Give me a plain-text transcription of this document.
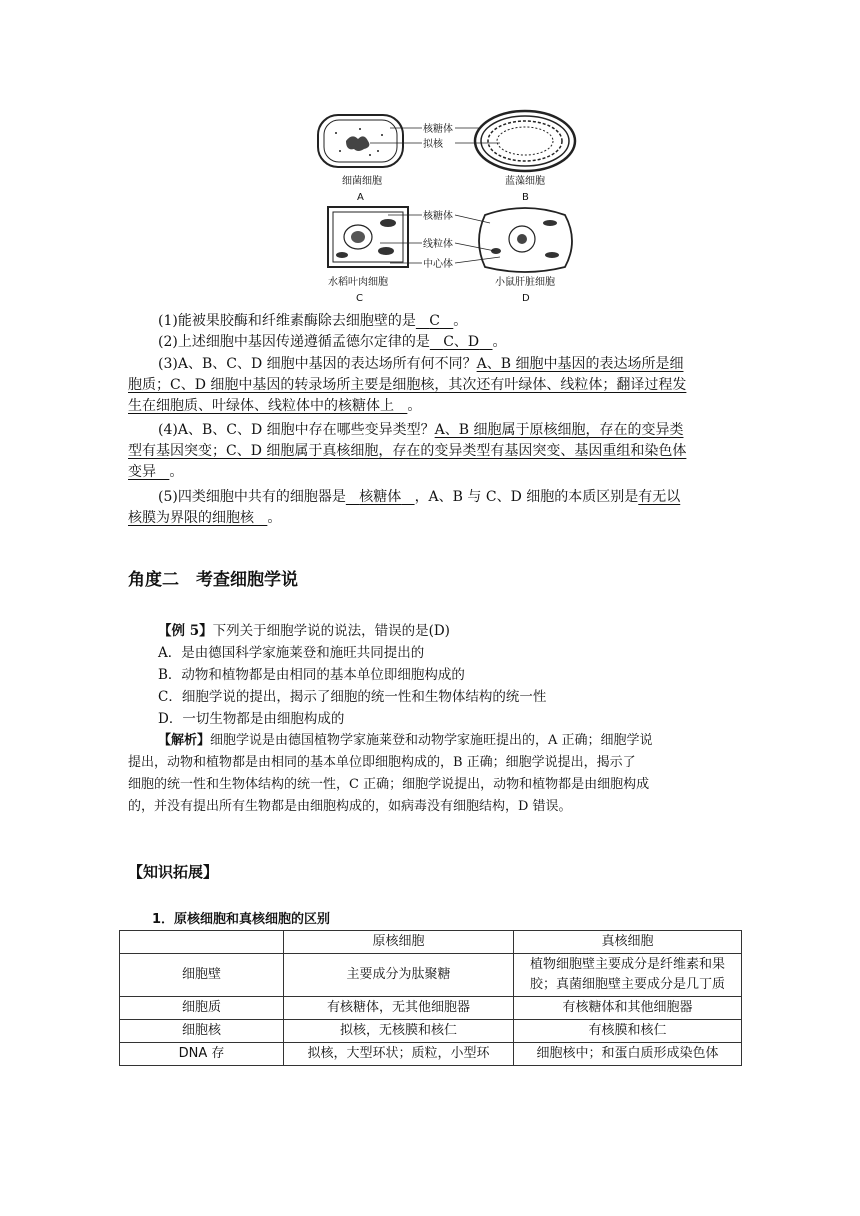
核糖体
拟核
细菌细胞
A
蓝藻细胞
B
核糖体
线粒体
中心体
水稻叶肉细胞
C
小鼠肝脏细胞
D
(1)能被果胶酶和纤维素酶除去细胞壁的是 C 。
(2)上述细胞中基因传递遵循孟德尔定律的是 C、D 。
(3)A、B、C、D 细胞中基因的表达场所有何不同？A、B 细胞中基因的表达场所是细
胞质；C、D 细胞中基因的转录场所主要是细胞核，其次还有叶绿体、线粒体；翻译过程发
生在细胞质、叶绿体、线粒体中的核糖体上 。
(4)A、B、C、D 细胞中存在哪些变异类型？A、B 细胞属于原核细胞，存在的变异类
型有基因突变；C、D 细胞属于真核细胞，存在的变异类型有基因突变、基因重组和染色体
变异 。
(5)四类细胞中共有的细胞器是 核糖体 ，A、B 与 C、D 细胞的本质区别是有无以
核膜为界限的细胞核 。
角度二　考查细胞学说
【例 5】下列关于细胞学说的说法，错误的是(D)
A．是由德国科学家施莱登和施旺共同提出的
B．动物和植物都是由相同的基本单位即细胞构成的
C．细胞学说的提出，揭示了细胞的统一性和生物体结构的统一性
D．一切生物都是由细胞构成的
【解析】细胞学说是由德国植物学家施莱登和动物学家施旺提出的，A 正确；细胞学说
提出，动物和植物都是由相同的基本单位即细胞构成的，B 正确；细胞学说提出，揭示了
细胞的统一性和生物体结构的统一性，C 正确；细胞学说提出，动物和植物都是由细胞构成
的，并没有提出所有生物都是由细胞构成的，如病毒没有细胞结构，D 错误。
【知识拓展】
1．原核细胞和真核细胞的区别
	原核细胞	真核细胞
细胞壁	主要成分为肽聚糖	植物细胞壁主要成分是纤维素和果胶；真菌细胞壁主要成分是几丁质
细胞质	有核糖体，无其他细胞器	有核糖体和其他细胞器
细胞核	拟核，无核膜和核仁	有核膜和核仁
DNA 存	拟核，大型环状；质粒，小型环	细胞核中；和蛋白质形成染色体
